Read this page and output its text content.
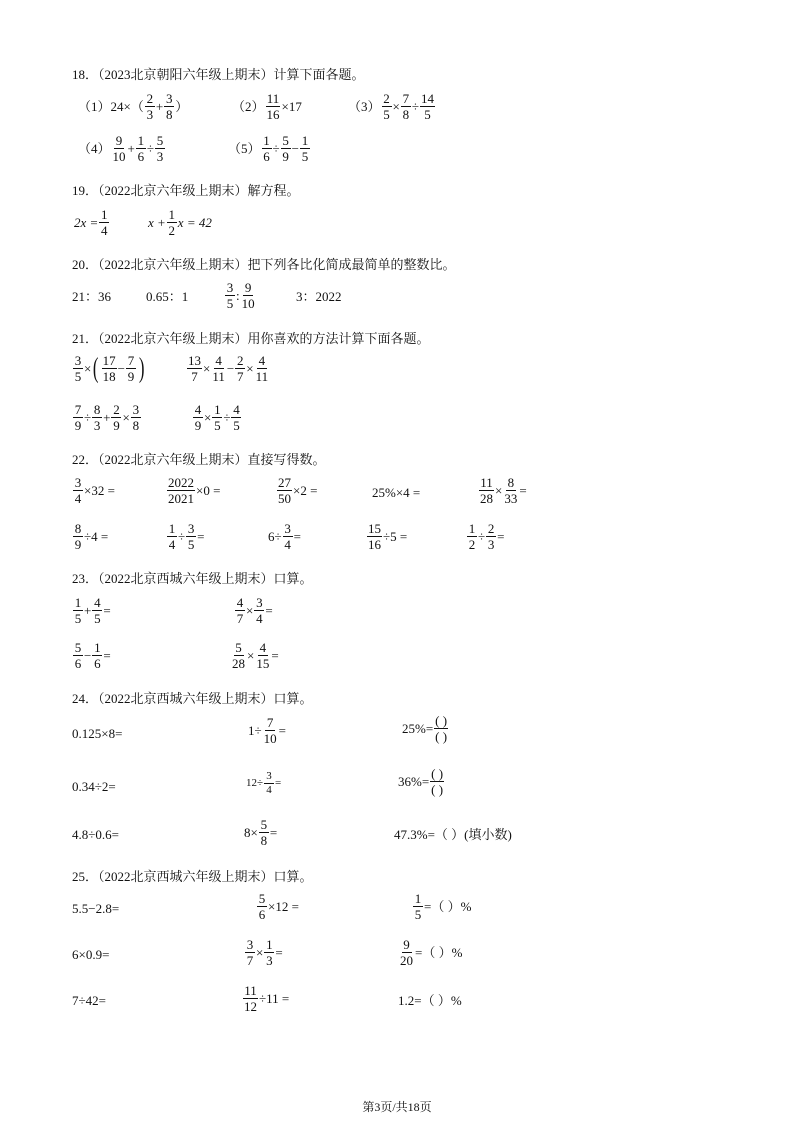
18．（2023北京朝阳六年级上期末）计算下面各题。
$(1)24\times( \frac{2}{3} + \frac{3}{8}$ ）	$(2) \frac{11}{16} \times 17$	$(3) \frac{2}{5} \times \frac{7}{8} \div \frac{14}{5}$
$(4) \frac{9}{10} + \frac{1}{6} \div \frac{5}{3}$	$(5) \frac{1}{6} \div \frac{5}{9} - \frac{1}{5}$
19．（2022北京六年级上期末）解方程。
$2x = \frac{1}{4}$	$x + \frac{1}{2}$ x = 42
20．（2022北京六年级上期末）把下列各比化简成最简单的整数比。
21：36	0.65：1	$\frac{3}{5}$ : $\frac{9}{10}$	3：2022
21．（2022北京六年级上期末）用你喜欢的方法计算下面各题。
$\frac{3}{5}$ × ( $\frac{17}{18} - \frac{7}{9}$ )	$\frac{13}{7} \times \frac{4}{11} - \frac{2}{7} \times \frac{4}{11}$
$\frac{7}{9} \div \frac{8}{3} + \frac{2}{9} \times \frac{3}{8}$	$\frac{4}{9} \times \frac{1}{5} \div \frac{4}{5}$
22．（2022北京六年级上期末）直接写得数。
$\frac{3}{4} \times 32$ =	$\frac{2022}{2021} \times 0$ =	$\frac{27}{50} \times 2$ =	25%×4 =	$\frac{11}{28} \times \frac{8}{33}$ =
$\frac{8}{9} \div 4$ =	$\frac{1}{4} \div \frac{3}{5}$ =	$6\div \frac{3}{4}$ =	$\frac{15}{16} \div 5$ =	$\frac{1}{2} \div \frac{2}{3}$ =
23．（2022北京西城六年级上期末）口算。
$\frac{1}{5} + \frac{4}{5}$ =	$\frac{4}{7} \times \frac{3}{4}$ =
$\frac{5}{6} - \frac{1}{6}$ =	$\frac{5}{28} \times \frac{4}{15}$ =
24．（2022北京西城六年级上期末）口算。
0.125×8=	$1\div \frac{7}{10}$ =	$25\%= \frac{( )}{( )}$
0.34÷2=	$12\div \frac{3}{4}$ =	$36\%= \frac{( )}{( )}$
4.8÷0.6=	$8\times \frac{5}{8}$ =	47.3%=（ ）(填小数)
25．（2022北京西城六年级上期末）口算。
5.5−2.8=	$\frac{5}{6} \times 12$ =	$\frac{1}{5}$ =（ ）%
6×0.9=	$\frac{3}{7} \times \frac{1}{3}$ =	$\frac{9}{20}$ =（ ）%
7÷42=	$\frac{11}{12} \div 11$ =	1.2=（ ）%
第3页/共18页
